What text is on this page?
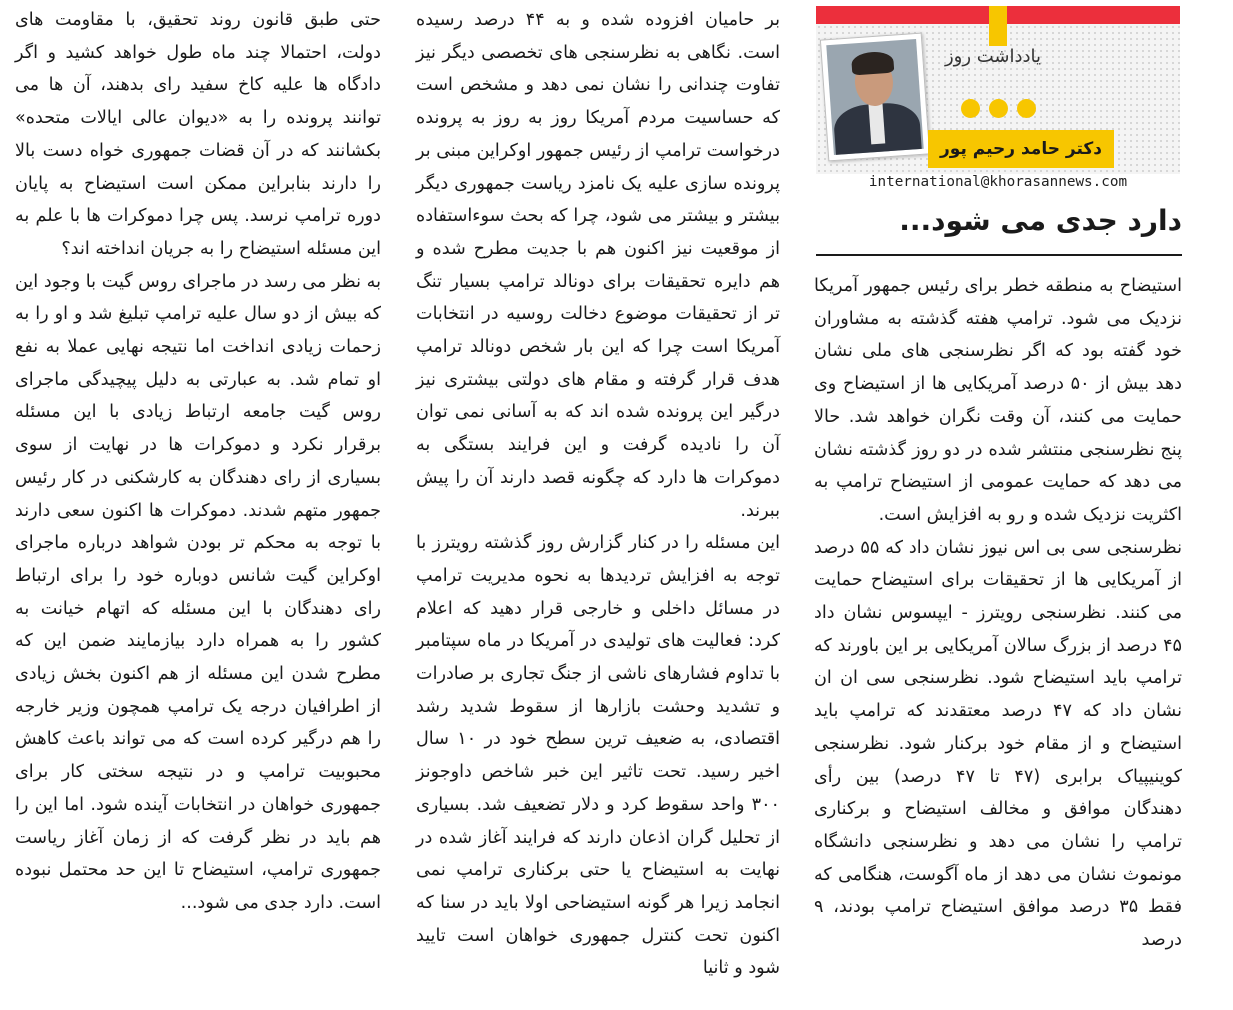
یادداشت روز
دکتر حامد رحیم پور
international@khorasannews.com
دارد جدی می شود...

استیضاح به منطقه خطر برای رئیس جمهور آمریکا نزدیک می شود. ترامپ هفته گذشته به مشاوران خود گفته بود که اگر نظرسنجی های ملی نشان دهد بیش از ۵۰ درصد آمریکایی ها از استیضاح وی حمایت می کنند، آن وقت نگران خواهد شد. حالا پنج نظرسنجی منتشر شده در دو روز گذشته نشان می دهد که حمایت عمومی از استیضاح ترامپ به اکثریت نزدیک شده و رو به افزایش است.

نظرسنجی سی بی اس نیوز نشان داد که ۵۵ درصد از آمریکایی ها از تحقیقات برای استیضاح حمایت می کنند. نظرسنجی رویترز - ایپسوس نشان داد ۴۵ درصد از بزرگ سالان آمریکایی بر این باورند که ترامپ باید استیضاح شود. نظرسنجی سی ان ان نشان داد که ۴۷ درصد معتقدند که ترامپ باید استیضاح و از مقام خود برکنار شود. نظرسنجی کوینیپیاک برابری (۴۷ تا ۴۷ درصد) بین رأی دهندگان موافق و مخالف استیضاح و برکناری ترامپ را نشان می دهد و نظرسنجی دانشگاه مونموث نشان می دهد از ماه آگوست، هنگامی که فقط ۳۵ درصد موافق استیضاح ترامپ بودند، ۹ درصد

بر حامیان افزوده شده و به ۴۴ درصد رسیده است. نگاهی به نظرسنجی های تخصصی دیگر نیز تفاوت چندانی را نشان نمی دهد و مشخص است که حساسیت مردم آمریکا روز به روز به پرونده درخواست ترامپ از رئیس جمهور اوکراین مبنی بر پرونده سازی علیه یک نامزد ریاست جمهوری دیگر بیشتر و بیشتر می شود، چرا که بحث سوءاستفاده از موقعیت نیز اکنون هم با جدیت مطرح شده و هم دایره تحقیقات برای دونالد ترامپ بسیار تنگ تر از تحقیقات موضوع دخالت روسیه در انتخابات آمریکا است چرا که این بار شخص دونالد ترامپ هدف قرار گرفته و مقام های دولتی بیشتری نیز درگیر این پرونده شده اند که به آسانی نمی توان آن را نادیده گرفت و این فرایند بستگی به دموکرات ها دارد که چگونه قصد دارند آن را پیش ببرند.

این مسئله را در کنار گزارش روز گذشته رویترز با توجه به افزایش تردیدها به نحوه مدیریت ترامپ در مسائل داخلی و خارجی قرار دهید که اعلام کرد: فعالیت های تولیدی در آمریکا در ماه سپتامبر با تداوم فشارهای ناشی از جنگ تجاری بر صادرات و تشدید وحشت بازارها از سقوط شدید رشد اقتصادی، به ضعیف ترین سطح خود در ۱۰ سال اخیر رسید. تحت تاثیر این خبر شاخص داوجونز ۳۰۰ واحد سقوط کرد و دلار تضعیف شد. بسیاری از تحلیل گران اذعان دارند که فرایند آغاز شده در نهایت به استیضاح یا حتی برکناری ترامپ نمی انجامد زیرا هر گونه استیضاحی اولا باید در سنا که اکنون تحت کنترل جمهوری خواهان است تایید شود و ثانیا

حتی طبق قانون روند تحقیق، با مقاومت های دولت، احتمالا چند ماه طول خواهد کشید و اگر دادگاه ها علیه کاخ سفید رای بدهند، آن ها می توانند پرونده را به «دیوان عالی ایالات متحده» بکشانند که در آن قضات جمهوری خواه دست بالا را دارند بنابراین ممکن است استیضاح به پایان دوره ترامپ نرسد. پس چرا دموکرات ها با علم به این مسئله استیضاح را به جریان انداخته اند؟

به نظر می رسد در ماجرای روس گیت با وجود این که بیش از دو سال علیه ترامپ تبلیغ شد و او را به زحمات زیادی انداخت اما نتیجه نهایی عملا به نفع او تمام شد. به عبارتی به دلیل پیچیدگی ماجرای روس گیت جامعه ارتباط زیادی با این مسئله برقرار نکرد و دموکرات ها در نهایت از سوی بسیاری از رای دهندگان به کارشکنی در کار رئیس جمهور متهم شدند. دموکرات ها اکنون سعی دارند با توجه به محکم تر بودن شواهد درباره ماجرای اوکراین گیت شانس دوباره خود را برای ارتباط رای دهندگان با این مسئله که اتهام خیانت به کشور را به همراه دارد بیازمایند ضمن این که مطرح شدن این مسئله از هم اکنون بخش زیادی از اطرافیان درجه یک ترامپ همچون وزیر خارجه را هم درگیر کرده است که می تواند باعث کاهش محبوبیت ترامپ و در نتیجه سختی کار برای جمهوری خواهان در انتخابات آینده شود. اما این را هم باید در نظر گرفت که از زمان آغاز ریاست جمهوری ترامپ، استیضاح تا این حد محتمل نبوده است. دارد جدی می شود...
